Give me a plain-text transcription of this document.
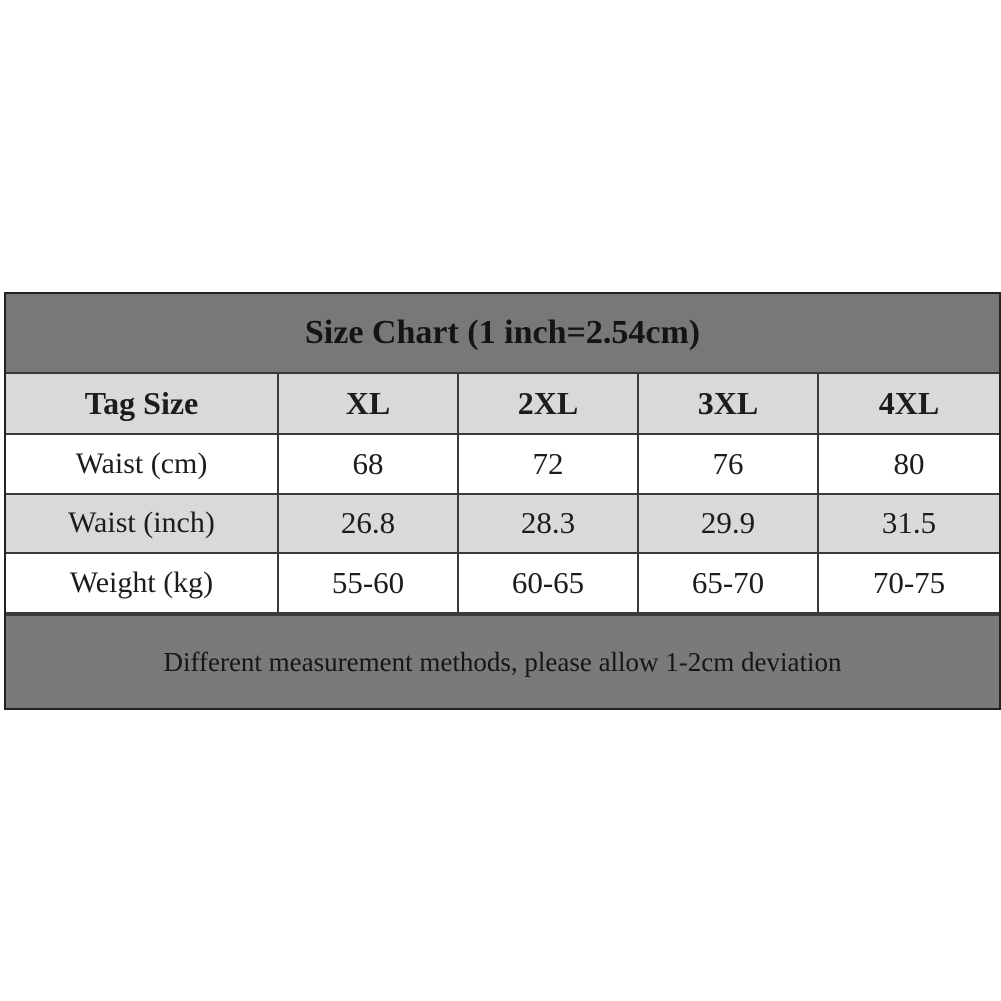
Size Chart (1 inch=2.54cm)
Tag Size	XL	2XL	3XL	4XL
Waist (cm)	68	72	76	80
Waist (inch)	26.8	28.3	29.9	31.5
Weight (kg)	55-60	60-65	65-70	70-75
Different measurement methods, please allow 1-2cm deviation
